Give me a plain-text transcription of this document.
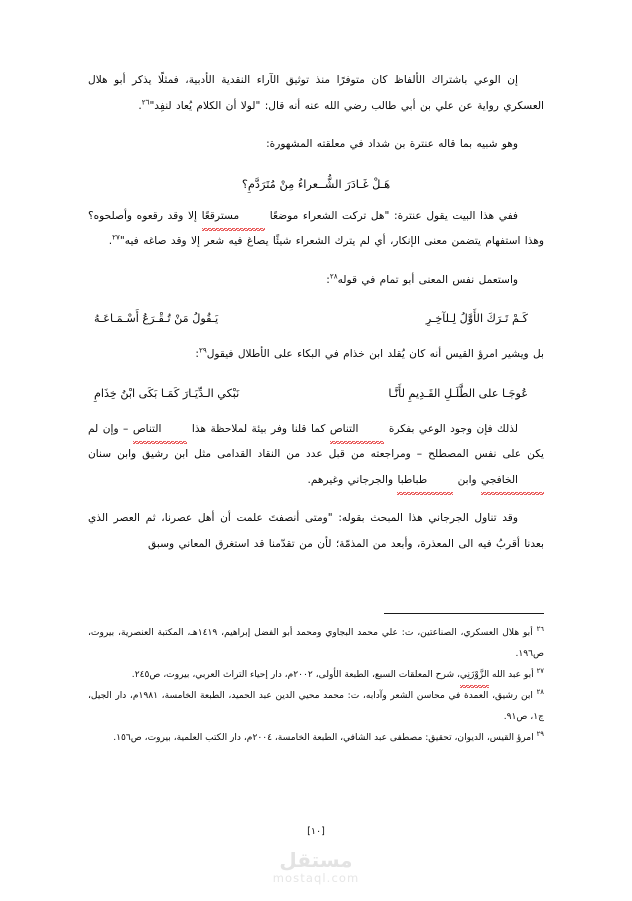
إن الوعي باشتراك الألفاظ كان متوفرًا منذ توثيق الآراء النقدية الأدبية، فمثلًا يذكر أبو هلال العسكري رواية عن علي بن أبي طالب رضي الله عنه أنه قال: "لولا أن الكلام يُعاد لنفِد"$^{٢٦}$.

وهو شبيه بما قاله عنترة بن شداد في معلقته المشهورة:

هَـلْ غَـادَرَ الشُّــعراءُ مِنْ مُتَرَدَّمِ؟

ففي هذا البيت يقول عنترة: "هل تركت الشعراء موضعًا مسترقعًا إلا وقد رقعوه وأصلحوه؟ وهذا استفهام يتضمن معنى الإنكار، أي لم يترك الشعراء شيئًا يصاغ فيه شعر إلا وقد صاغه فيه"$^{٢٧}$.

واستعمل نفس المعنى أبو تمام في قوله$^{٢٨}$:

كَـمْ تَـرَكَ الأَوَّلُ لِـلآخِـرِ
يَـقُولُ مَنْ تُـقْـرَعُ أَسْـمَـاعَـهُ

بل ويشير امرؤ القيس أنه كان يُقلد ابن خذام في البكاء على الأطلال فيقول$^{٢٩}$:

عُوجَـا على الطَّلَـلِ القَـدِيمِ لأَنَّـا
نَبْكي الـدِّيَـارَ كَمَـا بَكَى ابْنُ خِذَامِ

لذلك فإن وجود الوعي بفكرة التناص كما قلنا وفر بيئة لملاحظة هذا التناص – وإن لم يكن على نفس المصطلح – ومراجعته من قبل عدد من النقاد القدامى مثل ابن رشيق وابن سنان الخافجي وابن طباطبا والجرجاني وغيرهم.

وقد تناول الجرجاني هذا المبحث بقوله: "ومتى أنصفتَ علمت أن أهل عصرنا، ثم العصر الذي بعدنا أقربُ فيه الى المعذرة، وأبعد من المذمّة؛ لأن من تقدّمنا قد استغرق المعاني وسبق

$^{٢٦}$ أبو هلال العسكري، الصناعتين، ت: علي محمد البجاوي ومحمد أبو الفضل إبراهيم، ١٤١٩هـ، المكتبة العنصرية، بيروت، ص١٩٦.

$^{٢٧}$ أبو عبد الله الزَّوْزَنِي، شرح المعلقات السبع، الطبعة الأولى، ٢٠٠٢م، دار إحياء التراث العربي، بيروت، ص٢٤٥.

$^{٢٨}$ ابن رشيق، العمدة في محاسن الشعر وآدابه، ت: محمد محيي الدين عبد الحميد، الطبعة الخامسة، ١٩٨١م، دار الجيل، ج١، ص٩١.

$^{٢٩}$ امرؤ القيس، الديوان، تحقيق: مصطفى عبد الشافي، الطبعة الخامسة، ٢٠٠٤م، دار الكتب العلمية، بيروت، ص١٥٦.

[١٠]
مستقل
mostaql.com
